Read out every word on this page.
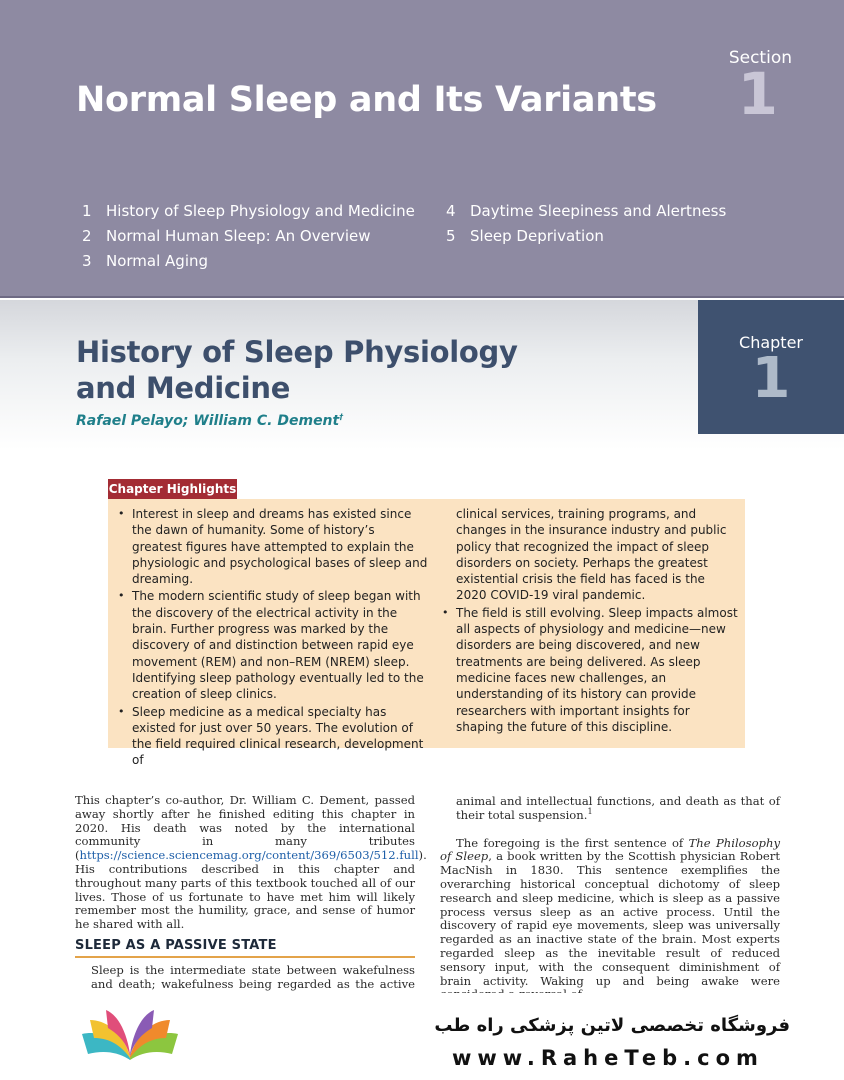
Normal Sleep and Its Variants
Section
1
1 History of Sleep Physiology and Medicine
2 Normal Human Sleep: An Overview
3 Normal Aging
4 Daytime Sleepiness and Alertness
5 Sleep Deprivation
History of Sleep Physiology
and Medicine
Rafael Pelayo; William C. Dement†
Chapter
1
Chapter Highlights
• Interest in sleep and dreams has existed since the dawn of humanity. Some of history’s greatest figures have attempted to explain the physiologic and psychological bases of sleep and dreaming.
• The modern scientific study of sleep began with the discovery of the electrical activity in the brain. Further progress was marked by the discovery of and distinction between rapid eye movement (REM) and non–REM (NREM) sleep. Identifying sleep pathology eventually led to the creation of sleep clinics.
• Sleep medicine as a medical specialty has existed for just over 50 years. The evolution of the field required clinical research, development of
clinical services, training programs, and changes in the insurance industry and public policy that recognized the impact of sleep disorders on society. Perhaps the greatest existential crisis the field has faced is the 2020 COVID-19 viral pandemic.
• The field is still evolving. Sleep impacts almost all aspects of physiology and medicine—new disorders are being discovered, and new treatments are being delivered. As sleep medicine faces new challenges, an understanding of its history can provide researchers with important insights for shaping the future of this discipline.

This chapter’s co-author, Dr. William C. Dement, passed away shortly after he finished editing this chapter in 2020. His death was noted by the international community in many tributes (https://science.sciencemag.org/content/369/6503/512.full). His contributions described in this chapter and throughout many parts of this textbook touched all of our lives. Those of us fortunate to have met him will likely remember most the humility, grace, and sense of humor he shared with all.

SLEEP AS A PASSIVE STATE
Sleep is the intermediate state between wakefulness and death; wakefulness being regarded as the active

animal and intellectual functions, and death as that of their total suspension.$^1$

The foregoing is the first sentence of The Philosophy of Sleep, a book written by the Scottish physician Robert MacNish in 1830. This sentence exemplifies the overarching historical conceptual dichotomy of sleep research and sleep medicine, which is sleep as a passive process versus sleep as an active process. Until the discovery of rapid eye movements, sleep was universally regarded as an inactive state of the brain. Most experts regarded sleep as the inevitable result of reduced sensory input, with the consequent diminishment of brain activity. Waking up and being awake were

فروشگاه تخصصی لاتین پزشکی راه طب
www.RaheTeb.com
